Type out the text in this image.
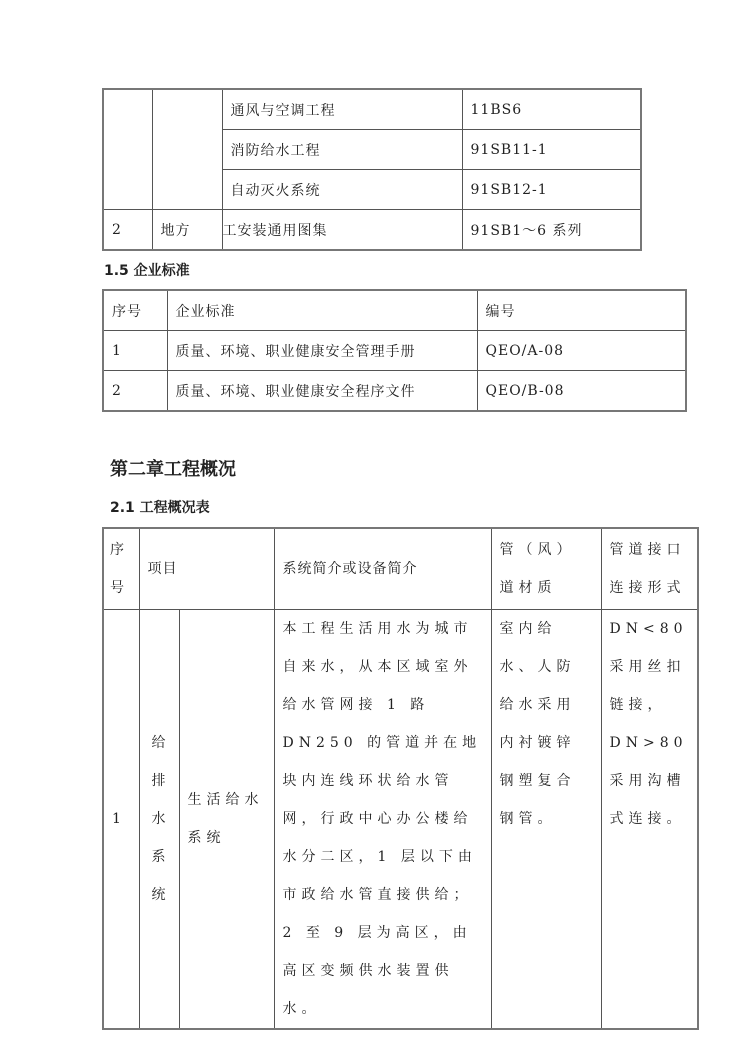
		通风与空调工程	11BS6
		消防给水工程	91SB11-1
		自动灭火系统	91SB12-1
2	地方	工安装通用图集	91SB1～6 系列
1.5 企业标准
序号	企业标准	编号
1	质量、环境、职业健康安全管理手册	QEO/A-08
2	质量、环境、职业健康安全程序文件	QEO/B-08
第二章工程概况
2.1 工程概况表
序号	项目		系统简介或设备简介	管（风）道材质	管道接口连接形式
1	给排水系统	生活给水系统	本工程生活用水为城市自来水，从本区域室外给水管网接 1 路 DN250 的管道并在地块内连线环状给水管网，行政中心办公楼给水分二区，1 层以下由市政给水管直接供给；2 至 9 层为高区，由高区变频供水装置供水。	室内给水、人防给水采用内衬镀锌钢塑复合钢管。	DN<80 采用丝扣链接，DN>80 采用沟槽式连接。
